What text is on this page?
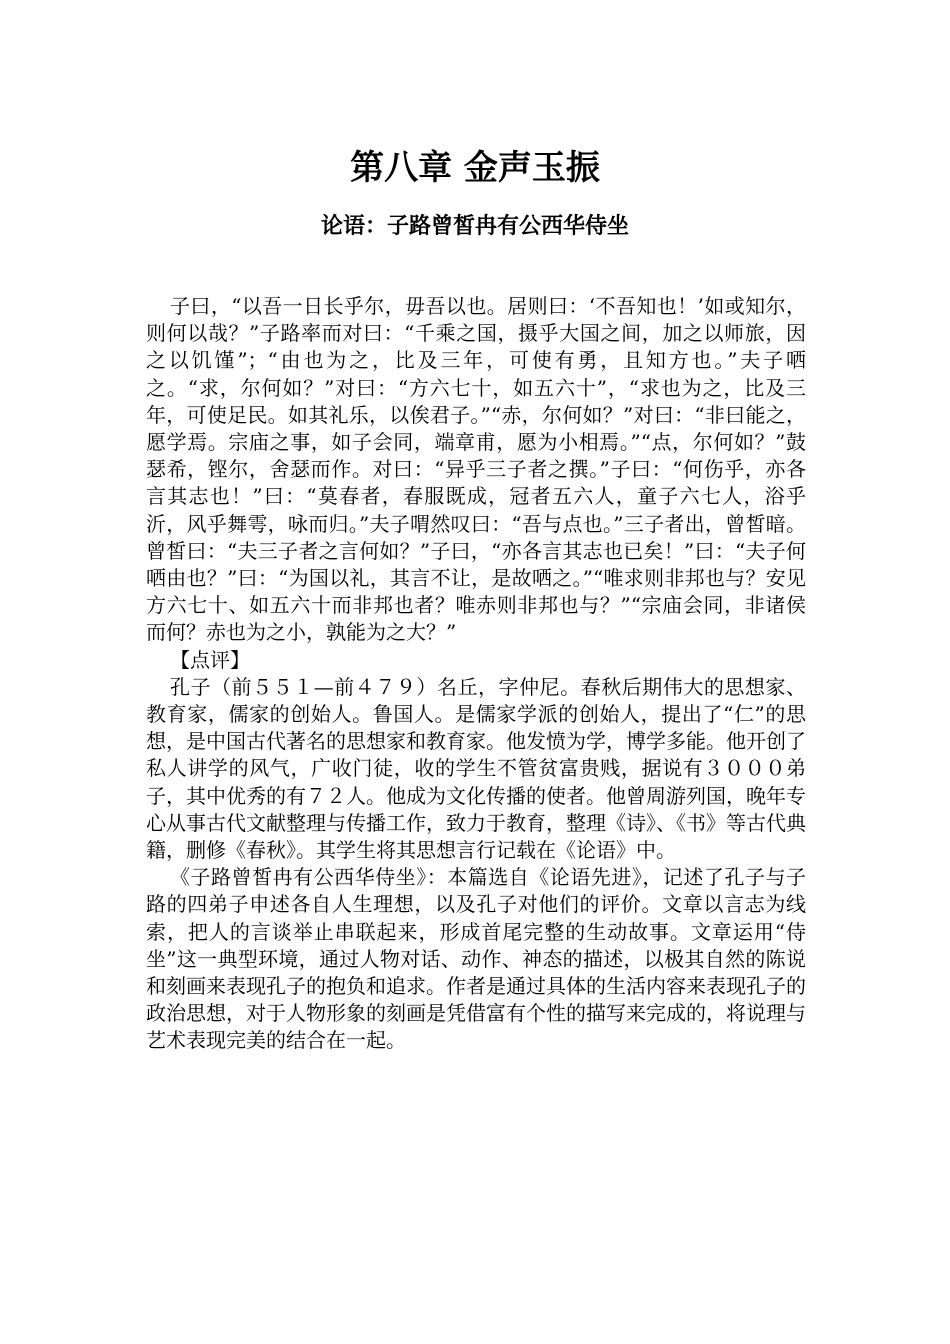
第八章 金声玉振
论语：子路曾皙冉有公西华侍坐

子曰，“以吾一日长乎尔，毋吾以也。居则曰：‘不吾知也！’如或知尔，则何以哉？”子路率而对曰：“千乘之国，摄乎大国之间，加之以师旅，因之以饥馑”；“由也为之，比及三年，可使有勇，且知方也。”夫子哂之。“求，尔何如？”对曰：“方六七十，如五六十”，“求也为之，比及三年，可使足民。如其礼乐，以俟君子。”“赤，尔何如？”对曰：“非曰能之，愿学焉。宗庙之事，如子会同，端章甫，愿为小相焉。”“点，尔何如？”鼓瑟希，铿尔，舍瑟而作。对曰：“异乎三子者之撰。”子曰：“何伤乎，亦各言其志也！”曰：“莫春者，春服既成，冠者五六人，童子六七人，浴乎沂，风乎舞雩，咏而归。”夫子喟然叹曰：“吾与点也。”三子者出，曾皙暗。曾皙曰：“夫三子者之言何如？”子曰，“亦各言其志也已矣！”曰：“夫子何哂由也？”曰：“为国以礼，其言不让，是故哂之。”“唯求则非邦也与？安见方六七十、如五六十而非邦也者？唯赤则非邦也与？”“宗庙会同，非诸侯而何？赤也为之小，孰能为之大？”

【点评】

孔子（前５５１—前４７９）名丘，字仲尼。春秋后期伟大的思想家、教育家，儒家的创始人。鲁国人。是儒家学派的创始人，提出了“仁”的思想，是中国古代著名的思想家和教育家。他发愤为学，博学多能。他开创了私人讲学的风气，广收门徒，收的学生不管贫富贵贱，据说有３０００弟子，其中优秀的有７２人。他成为文化传播的使者。他曾周游列国，晚年专心从事古代文献整理与传播工作，致力于教育，整理《诗》、《书》等古代典籍，删修《春秋》。其学生将其思想言行记载在《论语》中。

《子路曾皙冉有公西华侍坐》：本篇选自《论语先进》，记述了孔子与子路的四弟子申述各自人生理想，以及孔子对他们的评价。文章以言志为线索，把人的言谈举止串联起来，形成首尾完整的生动故事。文章运用“侍坐”这一典型环境，通过人物对话、动作、神态的描述，以极其自然的陈说和刻画来表现孔子的抱负和追求。作者是通过具体的生活内容来表现孔子的政治思想，对于人物形象的刻画是凭借富有个性的描写来完成的，将说理与艺术表现完美的结合在一起。
